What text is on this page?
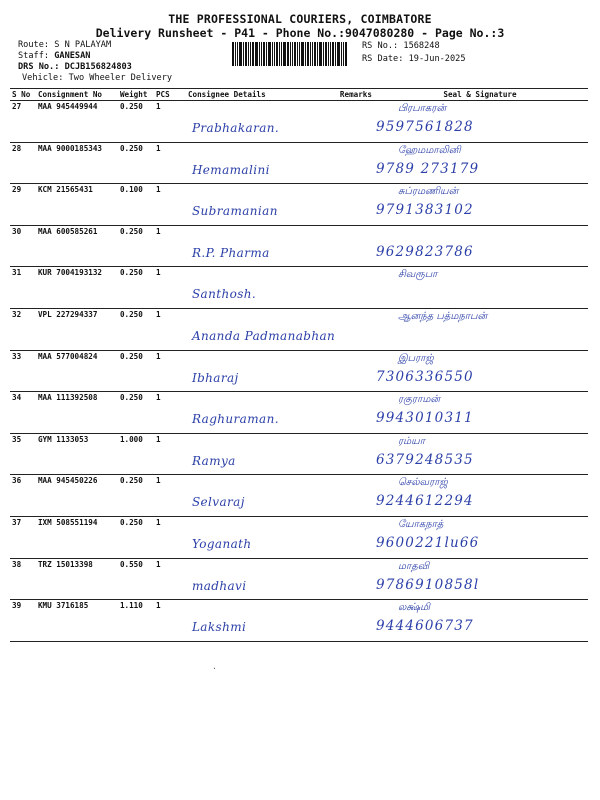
THE PROFESSIONAL COURIERS, COIMBATORE
Delivery Runsheet - P41 - Phone No.:9047080280 - Page No.:3
Route: S N PALAYAM
Staff: GANESAN
DRS No.: DCJB156824803
Vehicle: Two Wheeler Delivery
RS No.: 1568248
RS Date: 19-Jun-2025
S No	Consignment No	Weight	PCS	Consignee Details	Remarks	Seal & Signature
27	MAA 945449944	0.250	1	Prabhakaran.		பிரபாகரன்
9597561828

28	MAA 9000185343	0.250	1	Hemamalini		ஹேமமாலினி
9789 273179

29	KCM 21565431	0.100	1	Subramanian		சுப்ரமணியன்
9791383102

30	MAA 600585261	0.250	1	R.P. Pharma		9629823786

31	KUR 7004193132	0.250	1	Santhosh.		சிவரூபா

32	VPL 227294337	0.250	1	Ananda Padmanabhan		ஆனந்த பத்மநாபன்

33	MAA 577004824	0.250	1	Ibharaj		இபராஜ்
7306336550

34	MAA 111392508	0.250	1	Raghuraman.		ரகுராமன்
9943010311

35	GYM 1133053	1.000	1	Ramya		ரம்யா
6379248535

36	MAA 945450226	0.250	1	Selvaraj		செல்வராஜ்
9244612294

37	IXM 508551194	0.250	1	Yoganath		யோகநாத்
9600221lu66

38	TRZ 15013398	0.550	1	madhavi		மாதவி
9786910858l

39	KMU 3716185	1.110	1	Lakshmi		லக்ஷ்மி
9444606737
.
